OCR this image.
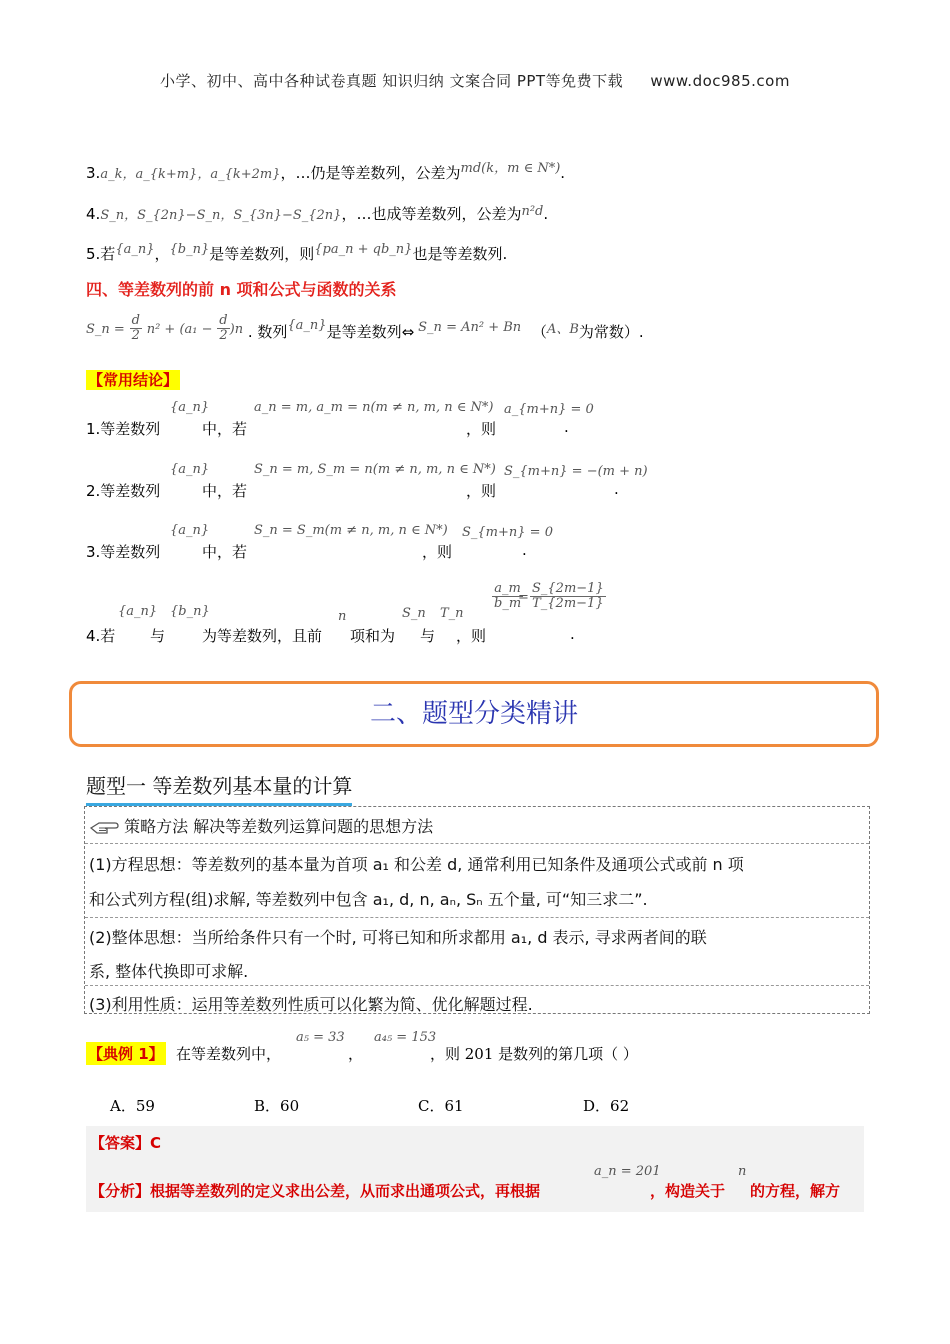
小学、初中、高中各种试卷真题 知识归纳 文案合同 PPT等免费下载 www.doc985.com
3.a_k，a_{k+m}，a_{k+2m}，…仍是等差数列，公差为md(k，m ∈ N*).
4.S_n，S_{2n}−S_n，S_{3n}−S_{2n}，…也成等差数列，公差为n²d.
5.若{a_n}，{b_n}是等差数列，则{pa_n + qb_n}也是等差数列.
四、等差数列的前 n 项和公式与函数的关系
S_n = $\frac{d}{2} n^2 + (a_1 - \frac{d}{2} )n$ . 数列{a_n}是等差数列⇔ S_n = An² + Bn （A、B为常数）.
【常用结论】
1.等差数列
{a_n}
中，若
a_n = m, a_m = n(m ≠ n, m, n ∈ N*)
，则
a_{m+n} = 0
.
2.等差数列
{a_n}
中，若
S_n = m, S_m = n(m ≠ n, m, n ∈ N*)
，则
S_{m+n} = −(m + n)
.
3.等差数列
{a_n}
中，若
S_n = S_m(m ≠ n, m, n ∈ N*)
，则
S_{m+n} = 0
.
4.若
{a_n}
与
{b_n}
为等差数列，且前
n
项和为
S_n
与
T_n
，则
$\frac{a\_m}{b\_m}$
= $\frac{S\_\{2m-1\}}{T\_\{2m-1\}}$
.
二、题型分类精讲
题型一 等差数列基本量的计算
策略方法 解决等差数列运算问题的思想方法
(1)方程思想：等差数列的基本量为首项 a₁ 和公差 d, 通常利用已知条件及通项公式或前 n 项
和公式列方程(组)求解, 等差数列中包含 a₁, d, n, aₙ, Sₙ 五个量, 可“知三求二”.
(2)整体思想：当所给条件只有一个时, 可将已知和所求都用 a₁, d 表示, 寻求两者间的联
系, 整体代换即可求解.
(3)利用性质：运用等差数列性质可以化繁为简、优化解题过程.
【典例 1】 在等差数列中，
a₅ = 33
，
a₄₅ = 153
，则 201 是数列的第几项（ ）
A．59	B．60	C．61	D．62
【答案】C
【分析】根据等差数列的定义求出公差，从而求出通项公式，再根据
a_n = 201
，构造关于
n
的方程，解方
